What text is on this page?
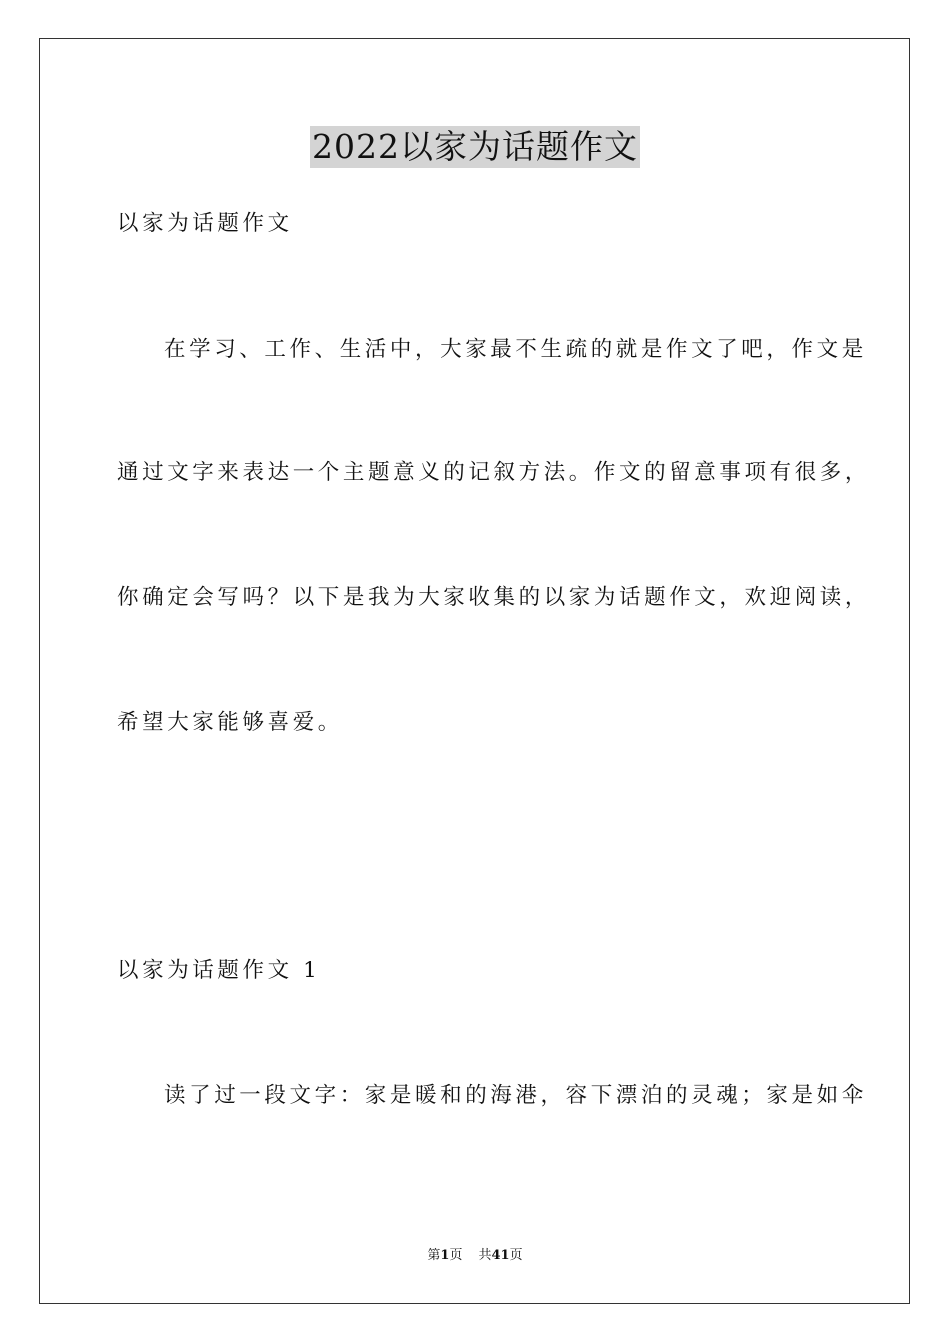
2022以家为话题作文
以家为话题作文
在学习、工作、生活中，大家最不生疏的就是作文了吧，作文是
通过文字来表达一个主题意义的记叙方法。作文的留意事项有很多，
你确定会写吗？以下是我为大家收集的以家为话题作文，欢迎阅读，
希望大家能够喜爱。
以家为话题作文 1
读了过一段文字：家是暖和的海港，容下漂泊的灵魂；家是如伞
第1页 共41页
